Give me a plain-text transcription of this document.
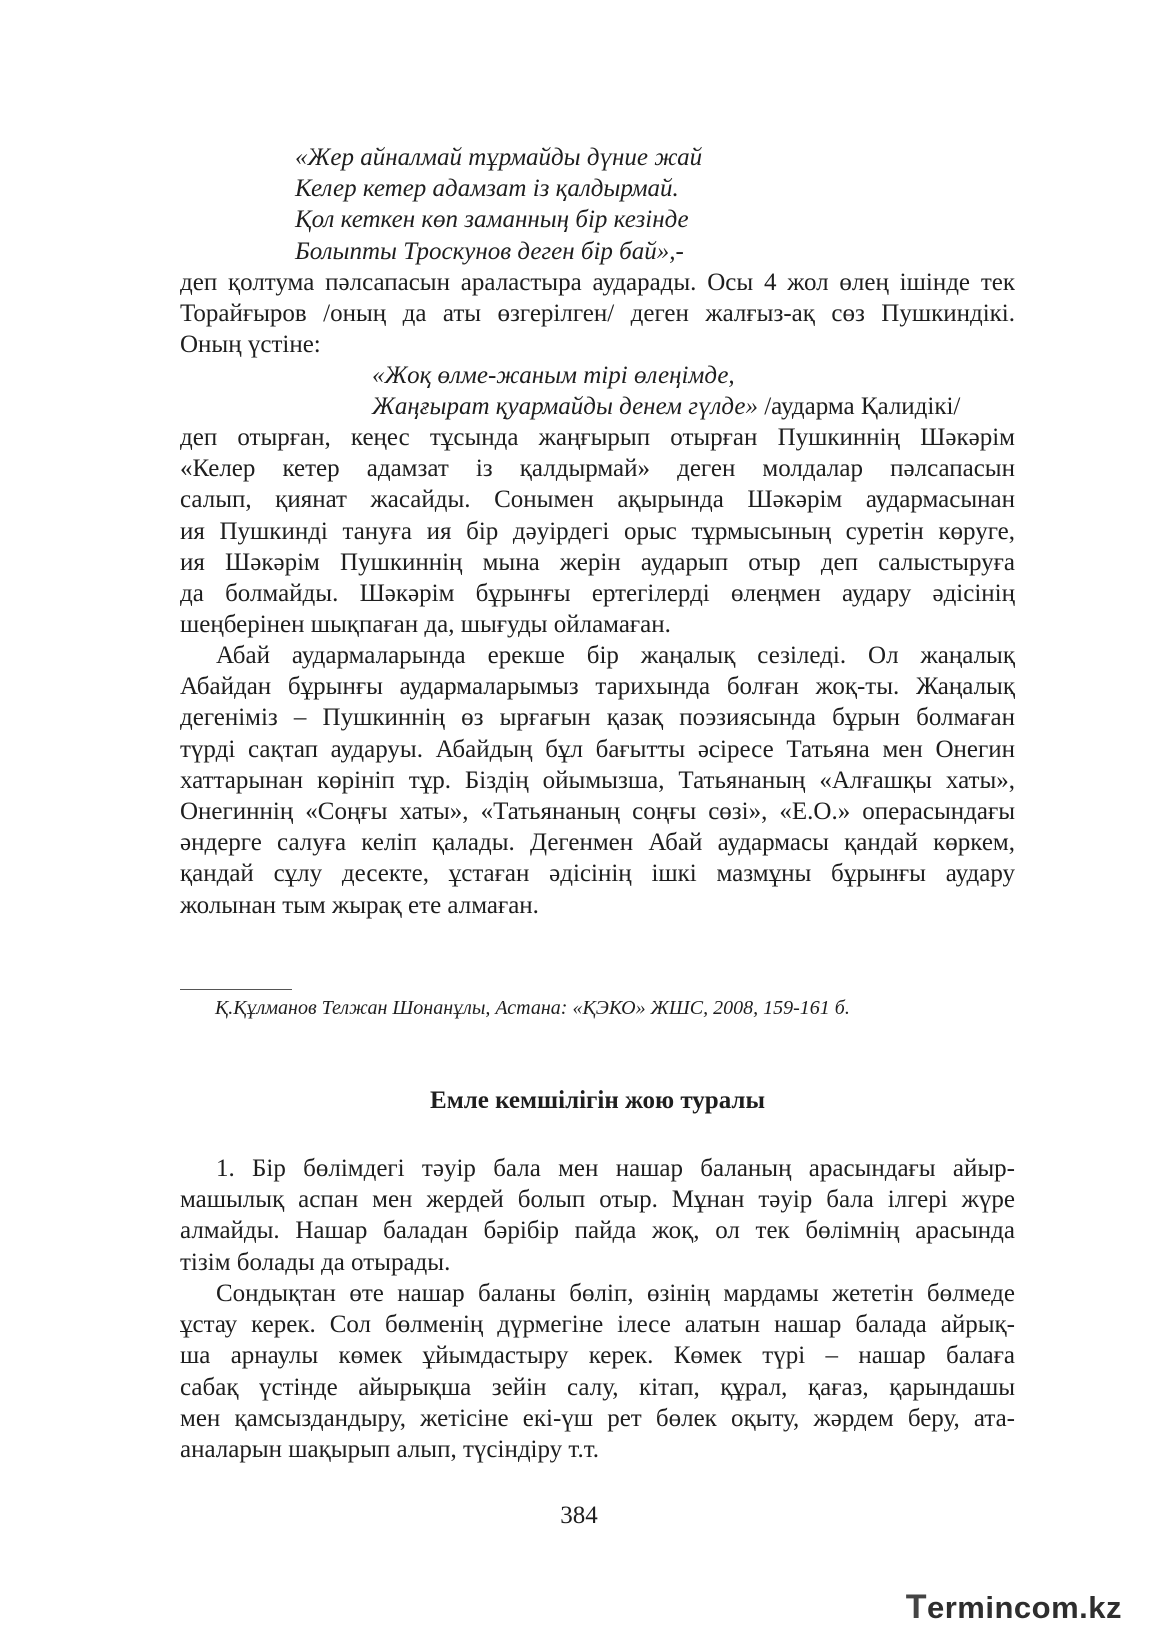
«Жер айналмай тұрмайды дүние жай
Келер кетер адамзат із қалдырмай.
Қол кеткен көп заманның бір кезінде
Болыпты Троскунов деген бір бай»,-
деп қолтума пәлсапасын араластыра аударады. Осы 4 жол өлең ішінде тек
Торайғыров /оның да аты өзгерілген/ деген жалғыз-ақ сөз Пушкиндікі.
Оның үстіне:
«Жоқ өлме-жаным тірі өлеңімде,
Жаңғырат қуармайды денем гүлде» /аударма Қалидікі/
деп отырған, кеңес тұсында жаңғырып отырған Пушкиннің Шәкәрім
«Келер кетер адамзат із қалдырмай» деген молдалар пәлсапасын
салып, қиянат жасайды. Сонымен ақырында Шәкәрім аудармасынан
ия Пушкинді тануға ия бір дәуірдегі орыс тұрмысының суретін көруге,
ия Шәкәрім Пушкиннің мына жерін аударып отыр деп салыстыруға
да болмайды. Шәкәрім бұрынғы ертегілерді өлеңмен аудару әдісінің
шеңберінен шықпаған да, шығуды ойламаған.
Абай аудармаларында ерекше бір жаңалық сезіледі. Ол жаңалық
Абайдан бұрынғы аудармаларымыз тарихында болған жоқ-ты. Жаңалық
дегеніміз – Пушкиннің өз ырғағын қазақ поэзиясында бұрын болмаған
түрді сақтап аударуы. Абайдың бұл бағытты әсіресе Татьяна мен Онегин
хаттарынан көрініп тұр. Біздің ойымызша, Татьянаның «Алғашқы хаты»,
Онегиннің «Соңғы хаты», «Татьянаның соңғы сөзі», «Е.О.» операсындағы
әндерге салуға келіп қалады. Дегенмен Абай аудармасы қандай көркем,
қандай сұлу десекте, ұстаған әдісінің ішкі мазмұны бұрынғы аудару
жолынан тым жырақ ете алмаған.
Қ.Құлманов Телжан Шонанұлы, Астана: «ҚЭКО» ЖШС, 2008, 159-161 б.
Емле кемшілігін жою туралы
1. Бір бөлімдегі тәуір бала мен нашар баланың арасындағы айыр-
машылық аспан мен жердей болып отыр. Мұнан тәуір бала ілгері жүре
алмайды. Нашар баладан бәрібір пайда жоқ, ол тек бөлімнің арасында
тізім болады да отырады.
Сондықтан өте нашар баланы бөліп, өзінің мардамы жететін бөлмеде
ұстау керек. Сол бөлменің дүрмегіне ілесе алатын нашар балада айрық-
ша арнаулы көмек ұйымдастыру керек. Көмек түрі – нашар балаға
сабақ үстінде айырықша зейін салу, кітап, құрал, қағаз, қарындашы
мен қамсыздандыру, жетісіне екі-үш рет бөлек оқыту, жәрдем беру, ата-
аналарын шақырып алып, түсіндіру т.т.
384
Termincom.kz
